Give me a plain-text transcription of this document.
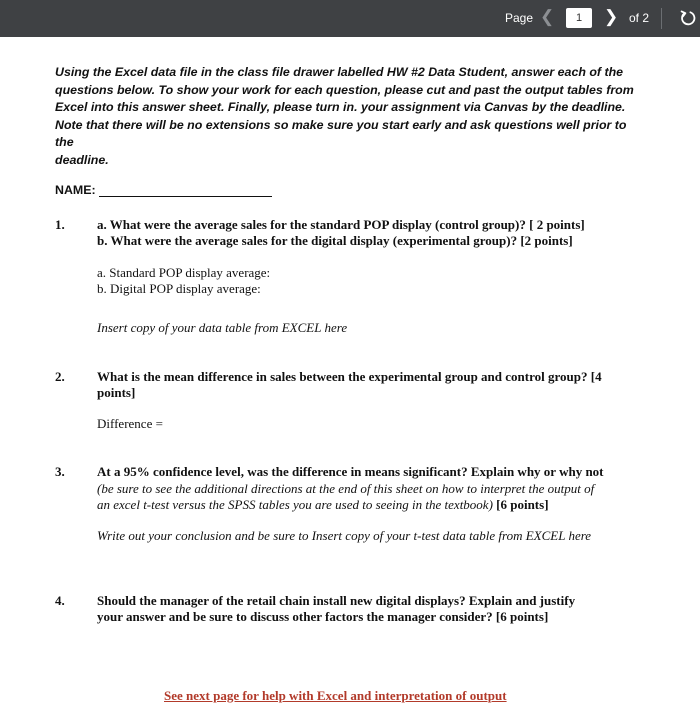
Page ❮
1	❯ of 2
Using the Excel data file in the class file drawer labelled HW #2 Data Student, answer each of the
questions below. To show your work for each question, please cut and past the output tables from
Excel into this answer sheet. Finally, please turn in. your assignment via Canvas by the deadline.
Note that there will be no extensions so make sure you start early and ask questions well prior to the
deadline.
NAME:
1. a. What were the average sales for the standard POP display (control group)? [ 2 points]
b. What were the average sales for the digital display (experimental group)? [2 points]
a. Standard POP display average:
b. Digital POP display average:
Insert copy of your data table from EXCEL here
2. What is the mean difference in sales between the experimental group and control group? [4
points]
Difference =
3. At a 95% confidence level, was the difference in means significant? Explain why or why not
(be sure to see the additional directions at the end of this sheet on how to interpret the output of
an excel t-test versus the SPSS tables you are used to seeing in the textbook) [6 points]
Write out your conclusion and be sure to Insert copy of your t-test data table from EXCEL here
4. Should the manager of the retail chain install new digital displays? Explain and justify
your answer and be sure to discuss other factors the manager consider? [6 points]
See next page for help with Excel and interpretation of output
